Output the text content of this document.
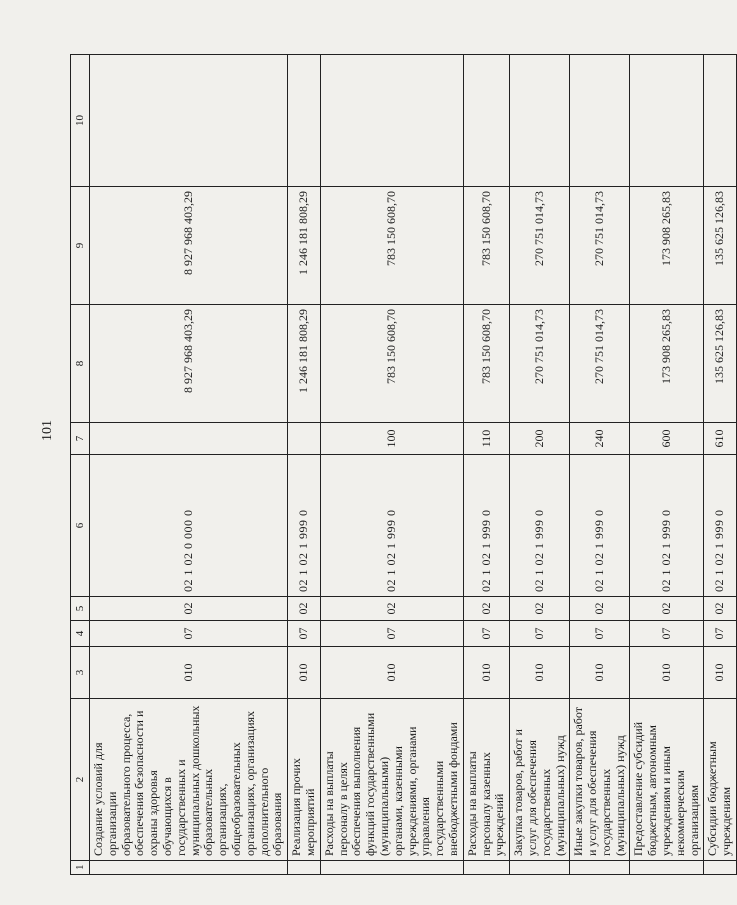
101
1	2	3	4	5	6	7	8	9	10
	Создание условий для организации образовательного процесса, обеспечения безопасности и охраны здоровья обучающихся в государственных и муниципальных дошкольных образовательных организациях, общеобразовательных организациях, организациях дополнительного образования	010	07	02	02 1 02 0 000 0		8 927 968 403,29	8 927 968 403,29	
	Реализация прочих мероприятий	010	07	02	02 1 02 1 999 0		1 246 181 808,29	1 246 181 808,29	
	Расходы на выплаты персоналу в целях обеспечения выполнения функций государственными (муниципальными) органами, казенными учреждениями, органами управления государственными внебюджетными фондами	010	07	02	02 1 02 1 999 0	100	783 150 608,70	783 150 608,70	
	Расходы на выплаты персоналу казенных учреждений	010	07	02	02 1 02 1 999 0	110	783 150 608,70	783 150 608,70	
	Закупка товаров, работ и услуг для обеспечения государственных (муниципальных) нужд	010	07	02	02 1 02 1 999 0	200	270 751 014,73	270 751 014,73	
	Иные закупки товаров, работ и услуг для обеспечения государственных (муниципальных) нужд	010	07	02	02 1 02 1 999 0	240	270 751 014,73	270 751 014,73	
	Предоставление субсидий бюджетным, автономным учреждениям и иным некоммерческим организациям	010	07	02	02 1 02 1 999 0	600	173 908 265,83	173 908 265,83	
	Субсидии бюджетным учреждениям	010	07	02	02 1 02 1 999 0	610	135 625 126,83	135 625 126,83	
